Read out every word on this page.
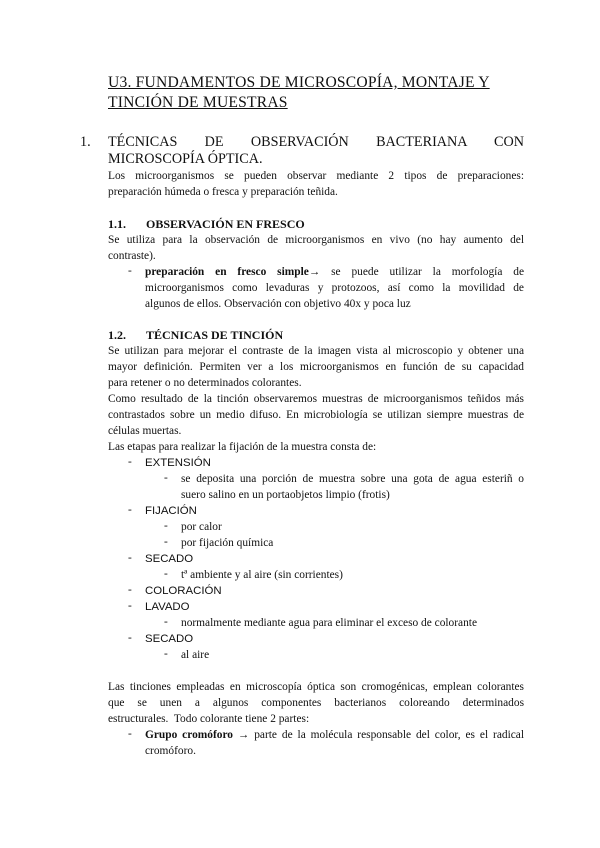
U3. FUNDAMENTOS DE MICROSCOPÍA, MONTAJE Y
TINCIÓN DE MUESTRAS
1. TÉCNICAS DE OBSERVACIÓN BACTERIANA CON
MICROSCOPÍA ÓPTICA.
Los microorganismos se pueden observar mediante 2 tipos de preparaciones:
preparación húmeda o fresca y preparación teñida.
1.1. OBSERVACIÓN EN FRESCO
Se utiliza para la observación de microorganismos en vivo (no hay aumento del
contraste).
- preparación en fresco simple→ se puede utilizar la morfología de
microorganismos como levaduras y protozoos, así como la movilidad de
algunos de ellos. Observación con objetivo 40x y poca luz
1.2. TÉCNICAS DE TINCIÓN
Se utilizan para mejorar el contraste de la imagen vista al microscopio y obtener una
mayor definición. Permiten ver a los microorganismos en función de su capacidad
para retener o no determinados colorantes.
Como resultado de la tinción observaremos muestras de microorganismos teñidos más
contrastados sobre un medio difuso. En microbiología se utilizan siempre muestras de
células muertas.
Las etapas para realizar la fijación de la muestra consta de:
- EXTENSIÓN
- se deposita una porción de muestra sobre una gota de agua esteriñ o
suero salino en un portaobjetos limpio (frotis)
- FIJACIÓN
- por calor
- por fijación química
- SECADO
- tª ambiente y al aire (sin corrientes)
- COLORACIÓN
- LAVADO
- normalmente mediante agua para eliminar el exceso de colorante
- SECADO
- al aire
Las tinciones empleadas en microscopía óptica son cromogénicas, emplean colorantes
que se unen a algunos componentes bacterianos coloreando determinados
estructurales.  Todo colorante tiene 2 partes:
- Grupo cromóforo → parte de la molécula responsable del color, es el radical
cromóforo.
